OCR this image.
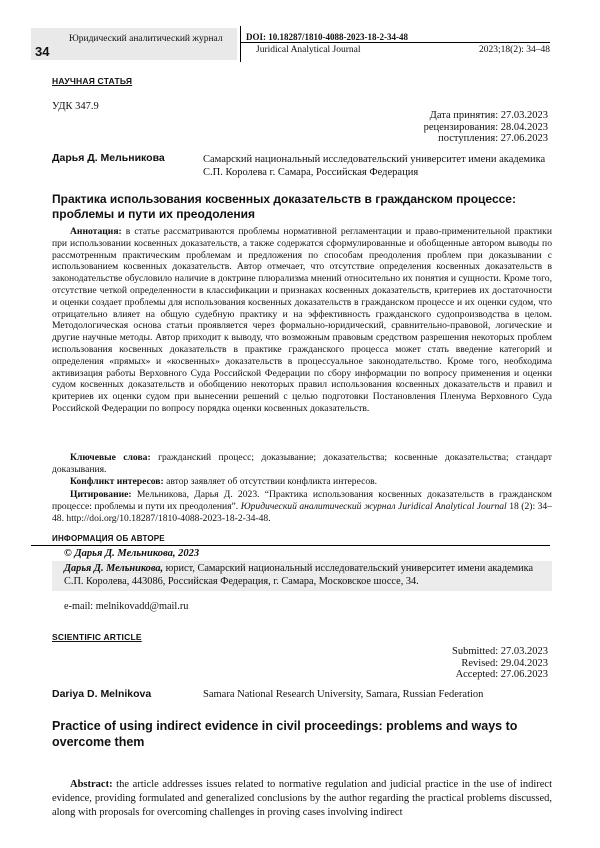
Юридический аналитический журнал
34
DOI: 10.18287/1810-4088-2023-18-2-34-48
Juridical Analytical Journal	2023;18(2): 34–48
НАУЧНАЯ СТАТЬЯ
УДК 347.9
Дата принятия: 27.03.2023
рецензирования: 28.04.2023
поступления: 27.06.2023
Дарья Д. Мельникова	Самарский национальный исследовательский университет имени академика С.П. Королева г. Самара, Российская Федерация
Практика использования косвенных доказательств в гражданском процессе: проблемы и пути их преодоления

Аннотация: в статье рассматриваются проблемы нормативной регламентации и право-применительной практики при использовании косвенных доказательств, а также содержатся сформулированные и обобщенные автором выводы по рассмотренным практическим проблемам и предложения по способам преодоления проблем при доказывании с использованием косвенных доказательств. Автор отмечает, что отсутствие определения косвенных доказательств в законодательстве обусловило наличие в доктрине плюрализма мнений относительно их понятия и сущности. Кроме того, отсутствие четкой определенности в классификации и признаках косвенных доказательств, критериев их достаточности и оценки создает проблемы для использования косвенных доказательств в гражданском процессе и их оценки судом, что отрицательно влияет на общую судебную практику и на эффективность гражданского судопроизводства в целом. Методологическая основа статьи проявляется через формально-юридический, сравнительно-правовой, логические и другие научные методы. Автор приходит к выводу, что возможным правовым средством разрешения некоторых проблем использования косвенных доказательств в практике гражданского процесса может стать введение категорий и определения «прямых» и «косвенных» доказательств в процессуальное законодательство. Кроме того, необходима активизация работы Верховного Суда Российской Федерации по сбору информации по вопросу применения и оценки судом косвенных доказательств и обобщению некоторых правил использования косвенных доказательств и правил и критериев их оценки судом при вынесении решений с целью подготовки Постановления Пленума Верховного Суда Российской Федерации по вопросу порядка оценки косвенных доказательств.

Ключевые слова: гражданский процесс; доказывание; доказательства; косвенные доказательства; стандарт доказывания.

Конфликт интересов: автор заявляет об отсутствии конфликта интересов.

Цитирование: Мельникова, Дарья Д. 2023. “Практика использования косвенных доказательств в гражданском процессе: проблемы и пути их преодоления”. Юридический аналитический журнал Juridical Analytical Journal 18 (2): 34–48. http://doi.org/10.18287/1810-4088-2023-18-2-34-48.

ИНФОРМАЦИЯ ОБ АВТОРЕ
© Дарья Д. Мельникова, 2023
Дарья Д. Мельникова, юрист, Самарский национальный исследовательский университет имени академика С.П. Королева, 443086, Российская Федерация, г. Самара, Московское шоссе, 34.
e-mail: melnikovadd@mail.ru
SCIENTIFIC ARTICLE
Submitted: 27.03.2023
Revised: 29.04.2023
Accepted: 27.06.2023
Dariya D. Melnikova	Samara National Research University, Samara, Russian Federation
Practice of using indirect evidence in civil proceedings: problems and ways to overcome them

Abstract: the article addresses issues related to normative regulation and judicial practice in the use of indirect evidence, providing formulated and generalized conclusions by the author regarding the practical problems discussed, along with proposals for overcoming challenges in proving cases involving indirect
